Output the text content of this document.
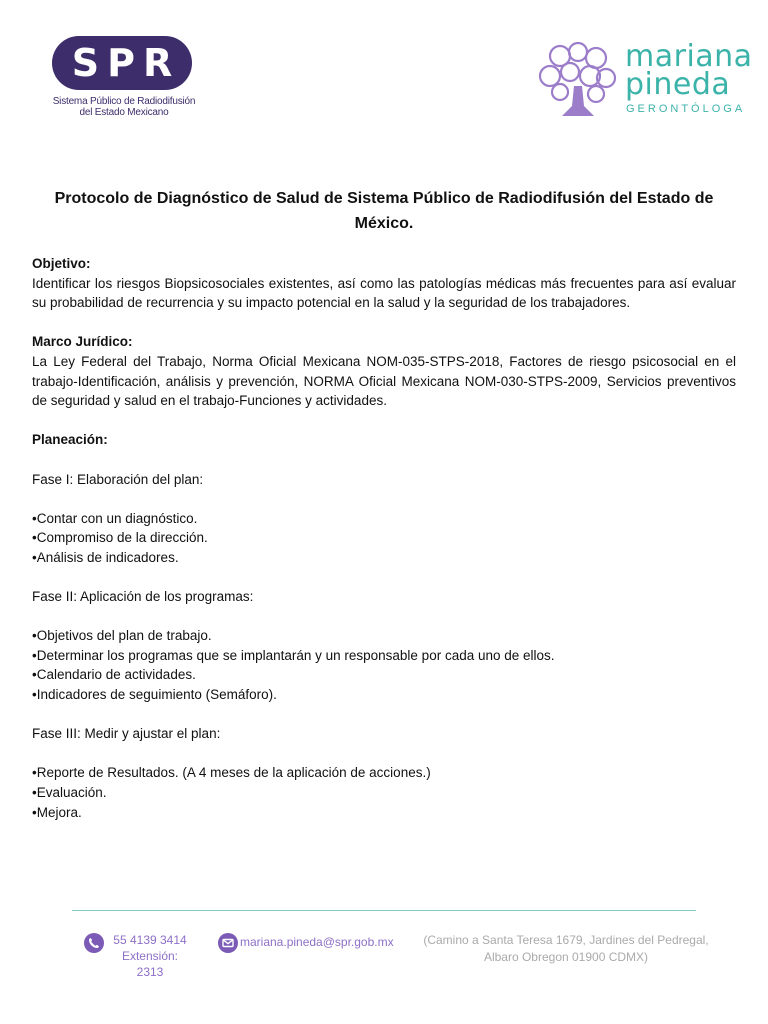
S P R
Sistema Público de Radiodifusión
del Estado Mexicano
mariana
pineda
GERONTÓLOGA
Protocolo de Diagnóstico de Salud de Sistema Público de Radiodifusión del Estado de México.

Objetivo:

Identificar los riesgos Biopsicosociales existentes, así como las patologías médicas más frecuentes para así evaluar su probabilidad de recurrencia y su impacto potencial en la salud y la seguridad de los trabajadores.

Marco Jurídico:

La Ley Federal del Trabajo, Norma Oficial Mexicana NOM-035-STPS-2018, Factores de riesgo psicosocial en el trabajo-Identificación, análisis y prevención, NORMA Oficial Mexicana NOM-030-STPS-2009, Servicios preventivos de seguridad y salud en el trabajo-Funciones y actividades.

Planeación:

Fase I: Elaboración del plan:

• Contar con un diagnóstico.
• Compromiso de la dirección.
• Análisis de indicadores.

Fase II: Aplicación de los programas:

• Objetivos del plan de trabajo.
• Determinar los programas que se implantarán y un responsable por cada uno de ellos.
• Calendario de actividades.
• Indicadores de seguimiento (Semáforo).

Fase III: Medir y ajustar el plan:

• Reporte de Resultados. (A 4 meses de la aplicación de acciones.)
• Evaluación.
• Mejora.
55 4139 3414
Extensión: 2313
mariana.pineda@spr.gob.mx	(Camino a Santa Teresa 1679, Jardines del Pedregal,
Albaro Obregon 01900 CDMX)
